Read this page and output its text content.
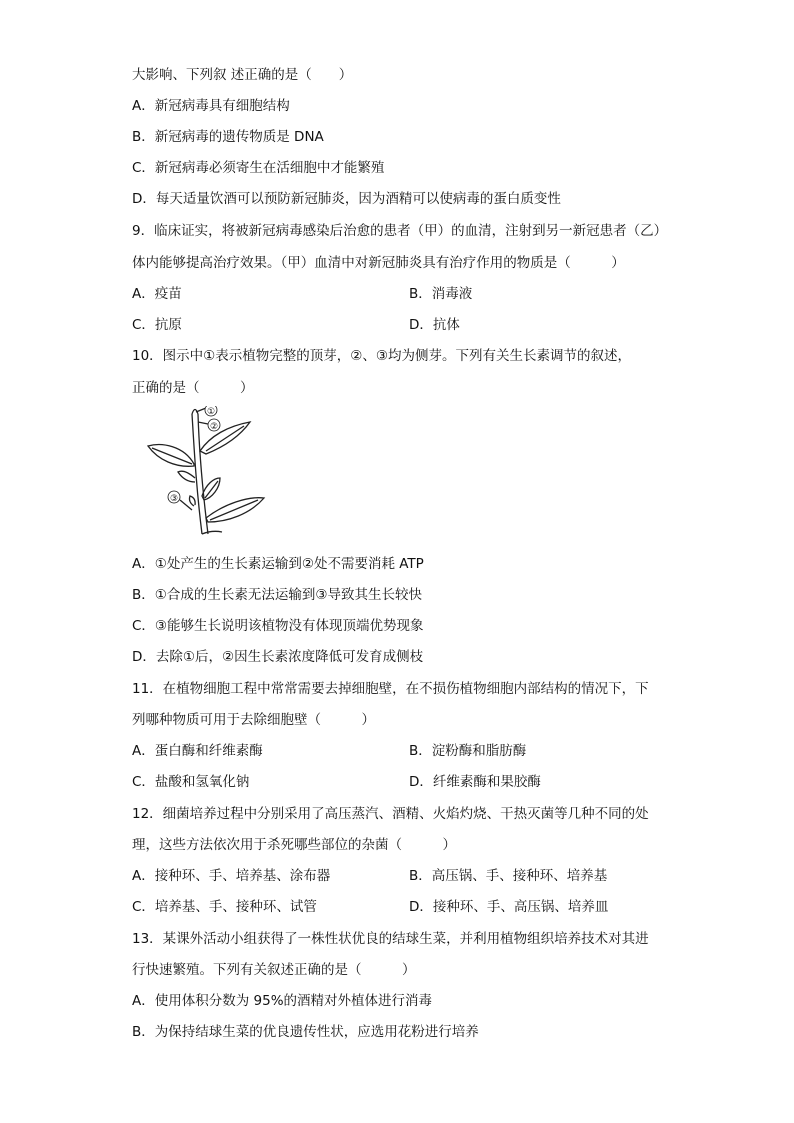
大影响、下列叙 述正确的是（　　）
A．新冠病毒具有细胞结构
B．新冠病毒的遗传物质是 DNA
C．新冠病毒必须寄生在活细胞中才能繁殖
D．每天适量饮酒可以预防新冠肺炎，因为酒精可以使病毒的蛋白质变性
9．临床证实，将被新冠病毒感染后治愈的患者（甲）的血清，注射到另一新冠患者（乙）
体内能够提高治疗效果。（甲）血清中对新冠肺炎具有治疗作用的物质是（　　　）
A．疫苗	B．消毒液
C．抗原	D．抗体
10．图示中①表示植物完整的顶芽，②、③均为侧芽。下列有关生长素调节的叙述，
正确的是（　　　）
①
②
③
A．①处产生的生长素运输到②处不需要消耗 ATP
B．①合成的生长素无法运输到③导致其生长较快
C．③能够生长说明该植物没有体现顶端优势现象
D．去除①后，②因生长素浓度降低可发育成侧枝
11．在植物细胞工程中常常需要去掉细胞壁，在不损伤植物细胞内部结构的情况下，下
列哪种物质可用于去除细胞壁（　　　）
A．蛋白酶和纤维素酶	B．淀粉酶和脂肪酶
C．盐酸和氢氧化钠	D．纤维素酶和果胶酶
12．细菌培养过程中分别采用了高压蒸汽、酒精、火焰灼烧、干热灭菌等几种不同的处
理，这些方法依次用于杀死哪些部位的杂菌（　　　）
A．接种环、手、培养基、涂布器	B．高压锅、手、接种环、培养基
C．培养基、手、接种环、试管	D．接种环、手、高压锅、培养皿
13．某课外活动小组获得了一株性状优良的结球生菜，并利用植物组织培养技术对其进
行快速繁殖。下列有关叙述正确的是（　　　）
A．使用体积分数为 95%的酒精对外植体进行消毒
B．为保持结球生菜的优良遗传性状，应选用花粉进行培养
